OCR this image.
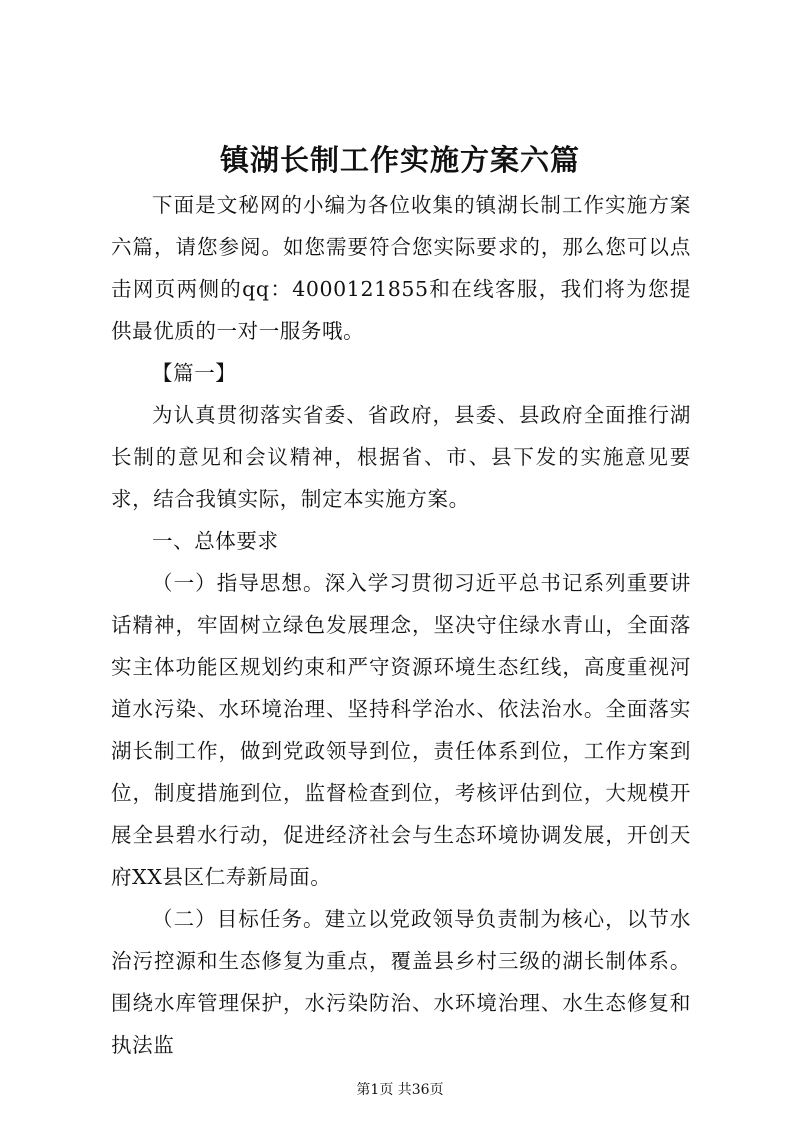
镇湖长制工作实施方案六篇

下面是文秘网的小编为各位收集的镇湖长制工作实施方案六篇，请您参阅。如您需要符合您实际要求的，那么您可以点击网页两侧的qq：4000121855和在线客服，我们将为您提供最优质的一对一服务哦。

【篇一】

为认真贯彻落实省委、省政府，县委、县政府全面推行湖长制的意见和会议精神，根据省、市、县下发的实施意见要求，结合我镇实际，制定本实施方案。

一、总体要求

（一）指导思想。深入学习贯彻习近平总书记系列重要讲话精神，牢固树立绿色发展理念，坚决守住绿水青山，全面落实主体功能区规划约束和严守资源环境生态红线，高度重视河道水污染、水环境治理、坚持科学治水、依法治水。全面落实湖长制工作，做到党政领导到位，责任体系到位，工作方案到位，制度措施到位，监督检查到位，考核评估到位，大规模开展全县碧水行动，促进经济社会与生态环境协调发展，开创天府XX县区仁寿新局面。

（二）目标任务。建立以党政领导负责制为核心，以节水治污控源和生态修复为重点，覆盖县乡村三级的湖长制体系。围绕水库管理保护，水污染防治、水环境治理、水生态修复和执法监

第1页 共36页
